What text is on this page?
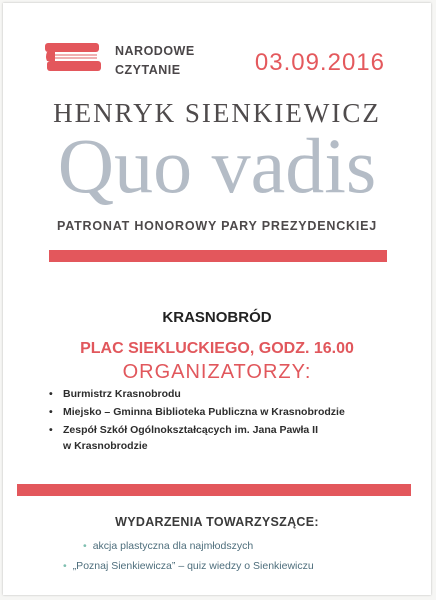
NARODOWE
CZYTANIE	03.09.2016
HENRYK SIENKIEWICZ
Quo vadis
PATRONAT HONOROWY PARY PREZYDENCKIEJ
KRASNOBRÓD
PLAC SIEKLUCKIEGO, GODZ. 16.00
ORGANIZATORZY:
• Burmistrz Krasnobrodu
• Miejsko – Gminna Biblioteka Publiczna w Krasnobrodzie
• Zespół Szkół Ogólnokształcących im. Jana Pawła II
w Krasnobrodzie
WYDARZENIA TOWARZYSZĄCE:
• akcja plastyczna dla najmłodszych
• „Poznaj Sienkiewicza” – quiz wiedzy o Sienkiewiczu
